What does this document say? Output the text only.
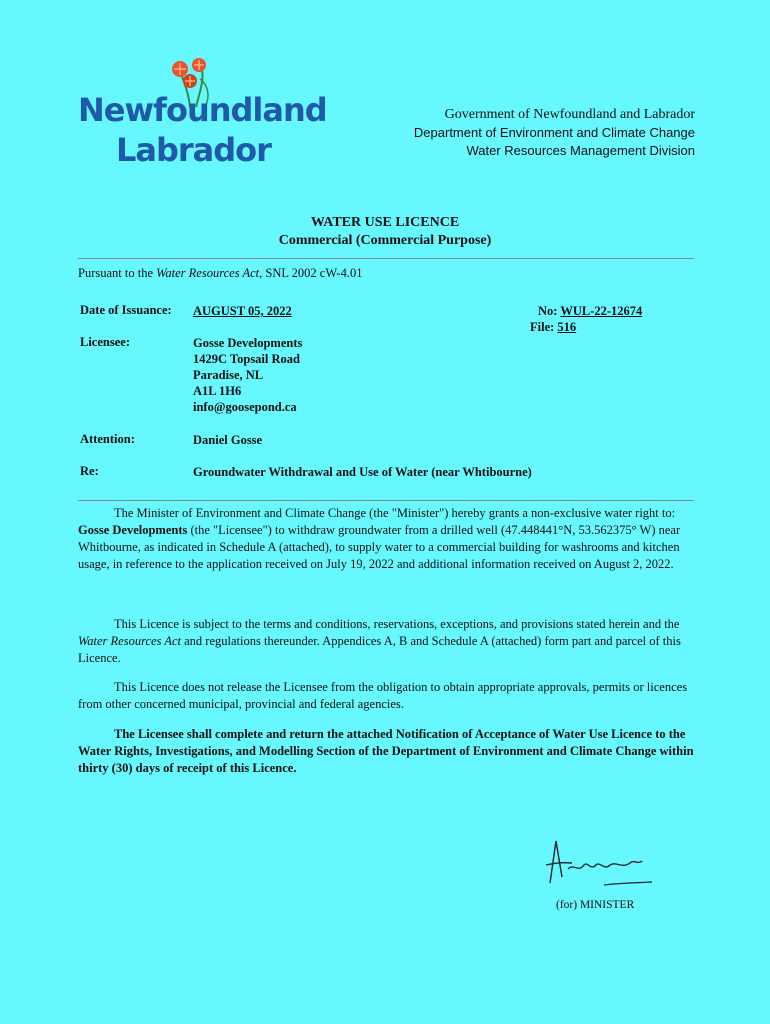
Newfoundland
Labrador
Government of Newfoundland and Labrador
Department of Environment and Climate Change
Water Resources Management Division
WATER USE LICENCE
Commercial (Commercial Purpose)
Pursuant to the Water Resources Act, SNL 2002 cW-4.01
Date of Issuance: AUGUST 05, 2022	No: WUL-22-12674
File: 516
Licensee:	Gosse Developments
1429C Topsail Road
Paradise, NL
A1L 1H6
info@goosepond.ca
Attention:	Daniel Gosse
Re:	Groundwater Withdrawal and Use of Water (near Whtibourne)
The Minister of Environment and Climate Change (the "Minister") hereby grants a non-exclusive water right to: Gosse Developments (the "Licensee") to withdraw groundwater from a drilled well (47.448441°N, 53.562375° W) near Whitbourne, as indicated in Schedule A (attached), to supply water to a commercial building for washrooms and kitchen usage, in reference to the application received on July 19, 2022 and additional information received on August 2, 2022.
This Licence is subject to the terms and conditions, reservations, exceptions, and provisions stated herein and the Water Resources Act and regulations thereunder. Appendices A, B and Schedule A (attached) form part and parcel of this Licence.
This Licence does not release the Licensee from the obligation to obtain appropriate approvals, permits or licences from other concerned municipal, provincial and federal agencies.
The Licensee shall complete and return the attached Notification of Acceptance of Water Use Licence to the Water Rights, Investigations, and Modelling Section of the Department of Environment and Climate Change within thirty (30) days of receipt of this Licence.
(for) MINISTER
